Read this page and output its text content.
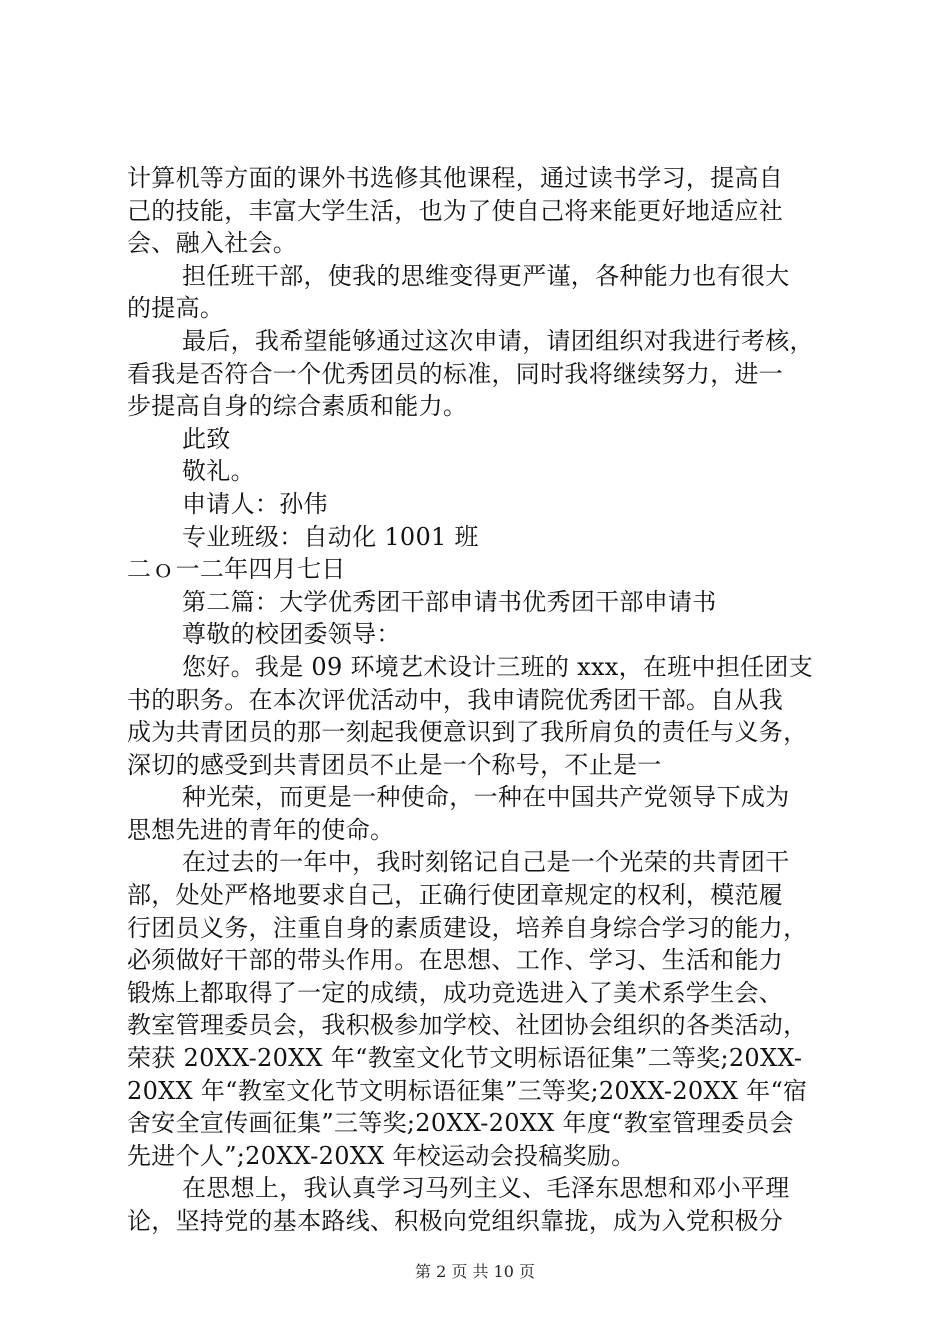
计算机等方面的课外书选修其他课程，通过读书学习，提高自
己的技能，丰富大学生活，也为了使自己将来能更好地适应社
会、融入社会。
担任班干部，使我的思维变得更严谨，各种能力也有很大
的提高。
最后，我希望能够通过这次申请，请团组织对我进行考核，
看我是否符合一个优秀团员的标准，同时我将继续努力，进一
步提高自身的综合素质和能力。
此致
敬礼。
申请人：孙伟
专业班级：自动化 1001 班
二ｏ一二年四月七日
第二篇：大学优秀团干部申请书优秀团干部申请书
尊敬的校团委领导：
您好。我是 09 环境艺术设计三班的 xxx，在班中担任团支
书的职务。在本次评优活动中，我申请院优秀团干部。自从我
成为共青团员的那一刻起我便意识到了我所肩负的责任与义务，
深切的感受到共青团员不止是一个称号，不止是一
种光荣，而更是一种使命，一种在中国共产党领导下成为
思想先进的青年的使命。
在过去的一年中，我时刻铭记自己是一个光荣的共青团干
部，处处严格地要求自己，正确行使团章规定的权利，模范履
行团员义务，注重自身的素质建设，培养自身综合学习的能力，
必须做好干部的带头作用。在思想、工作、学习、生活和能力
锻炼上都取得了一定的成绩，成功竞选进入了美术系学生会、
教室管理委员会，我积极参加学校、社团协会组织的各类活动，
荣获 20XX-20XX 年“教室文化节文明标语征集”二等奖;20XX-
20XX 年“教室文化节文明标语征集”三等奖;20XX-20XX 年“宿
舍安全宣传画征集”三等奖;20XX-20XX 年度“教室管理委员会
先进个人”;20XX-20XX 年校运动会投稿奖励。
在思想上，我认真学习马列主义、毛泽东思想和邓小平理
论，坚持党的基本路线、积极向党组织靠拢，成为入党积极分
第 2 页 共 10 页
